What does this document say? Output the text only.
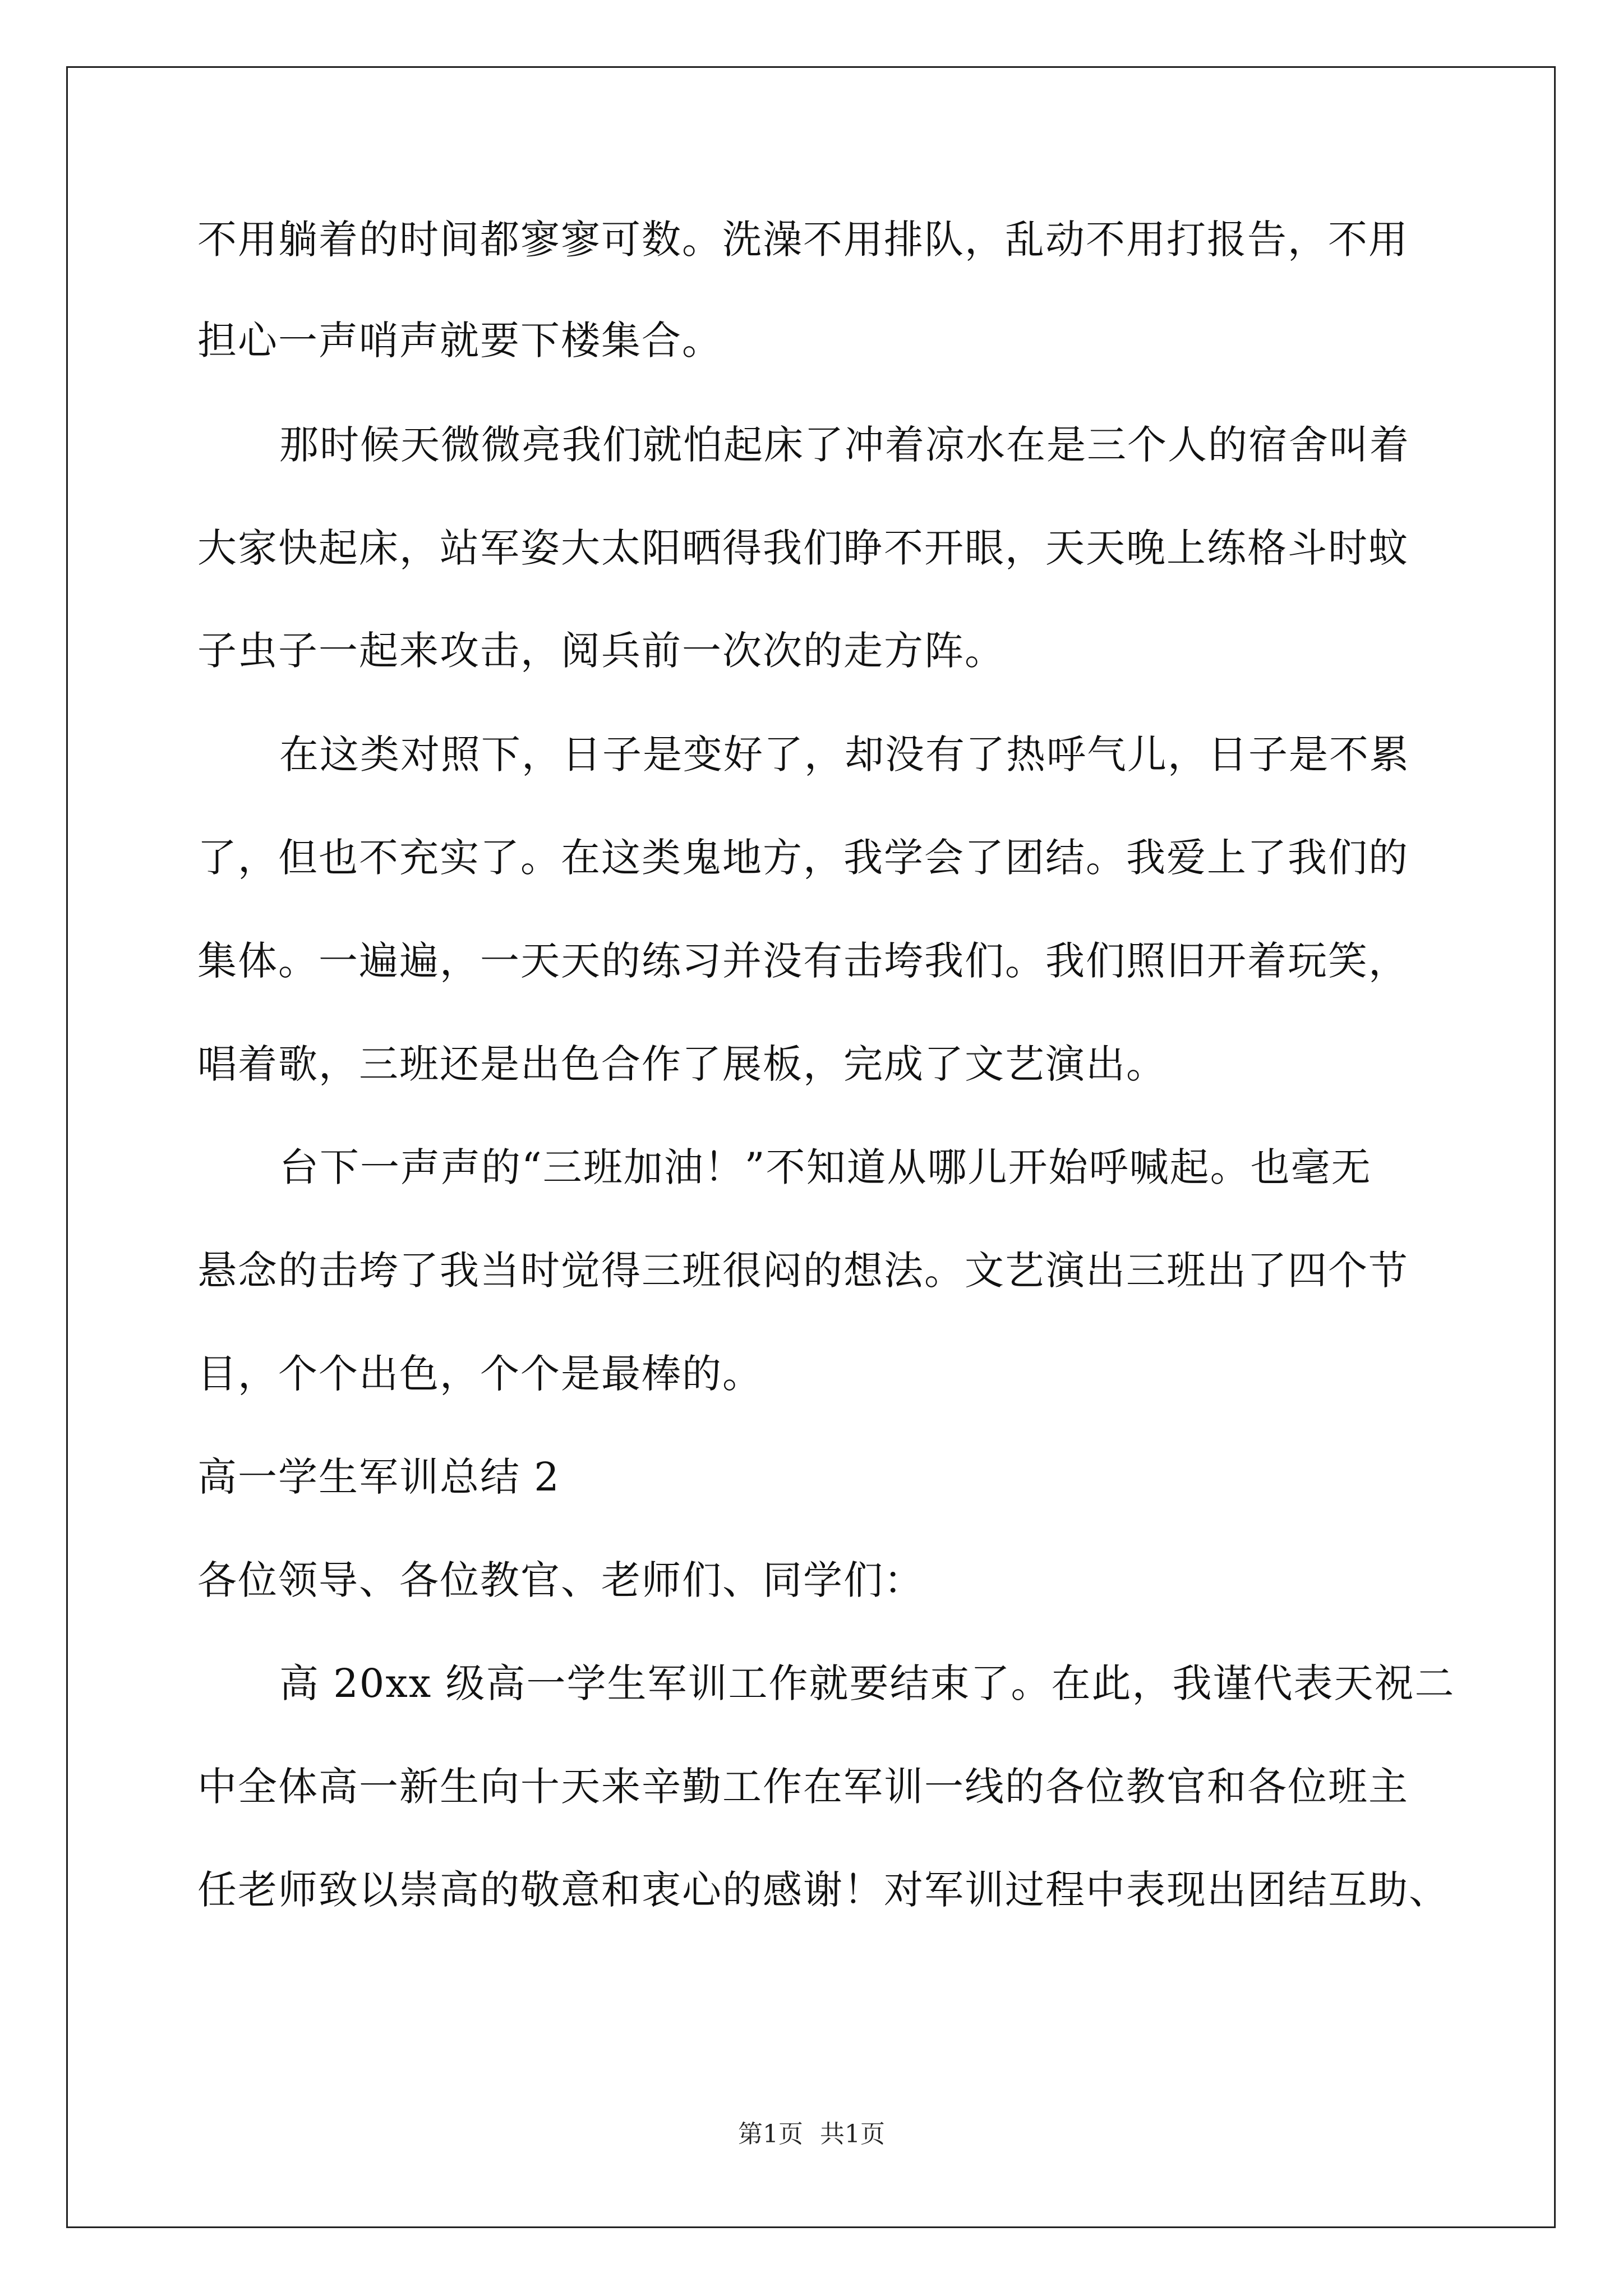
不用躺着的时间都寥寥可数。洗澡不用排队，乱动不用打报告，不用
担心一声哨声就要下楼集合。
那时候天微微亮我们就怕起床了冲着凉水在是三个人的宿舍叫着
大家快起床，站军姿大太阳晒得我们睁不开眼，天天晚上练格斗时蚊
子虫子一起来攻击，阅兵前一次次的走方阵。
在这类对照下，日子是变好了，却没有了热呼气儿，日子是不累
了，但也不充实了。在这类鬼地方，我学会了团结。我爱上了我们的
集体。一遍遍，一天天的练习并没有击垮我们。我们照旧开着玩笑，
唱着歌，三班还是出色合作了展板，完成了文艺演出。
台下一声声的“三班加油！”不知道从哪儿开始呼喊起。也毫无
悬念的击垮了我当时觉得三班很闷的想法。文艺演出三班出了四个节
目，个个出色，个个是最棒的。
高一学生军训总结 2
各位领导、各位教官、老师们、同学们：
高 20xx 级高一学生军训工作就要结束了。在此，我谨代表天祝二
中全体高一新生向十天来辛勤工作在军训一线的各位教官和各位班主
任老师致以崇高的敬意和衷心的感谢！对军训过程中表现出团结互助、
第1页 共1页
